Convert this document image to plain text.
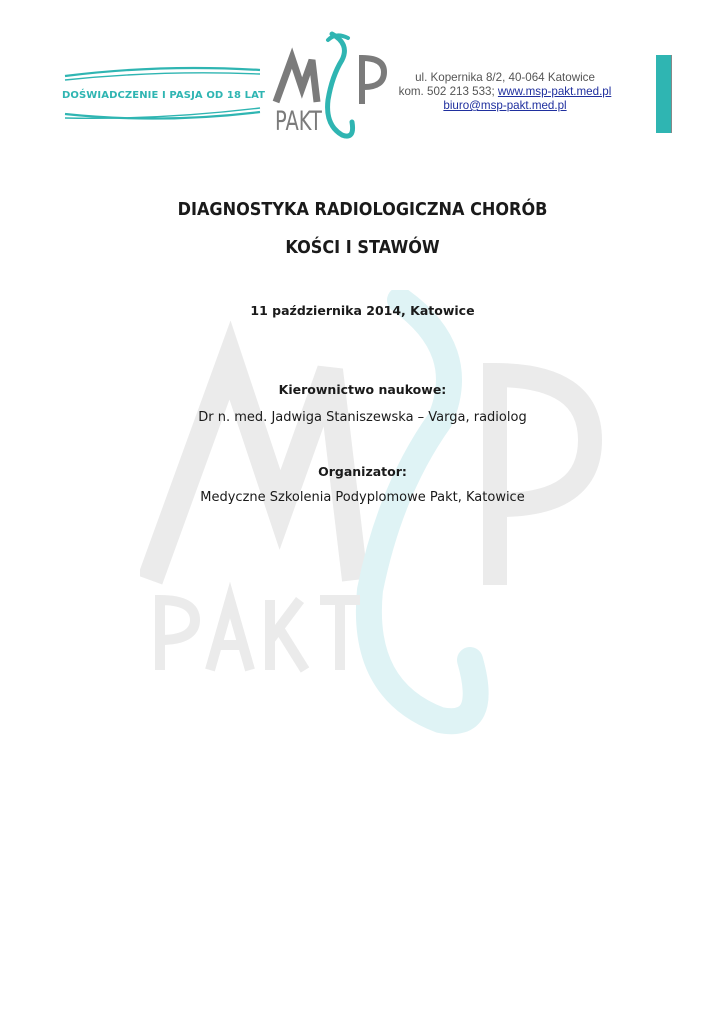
DOŚWIADCZENIE I PASJA OD 18 LAT
PAKT
ul. Kopernika 8/2, 40-064 Katowice
kom. 502 213 533; www.msp-pakt.med.pl
biuro@msp-pakt.med.pl
DIAGNOSTYKA RADIOLOGICZNA CHORÓB
KOŚCI I STAWÓW
11 października 2014, Katowice
Kierownictwo naukowe:
Dr n. med. Jadwiga Staniszewska – Varga, radiolog
Organizator:
Medyczne Szkolenia Podyplomowe Pakt, Katowice
